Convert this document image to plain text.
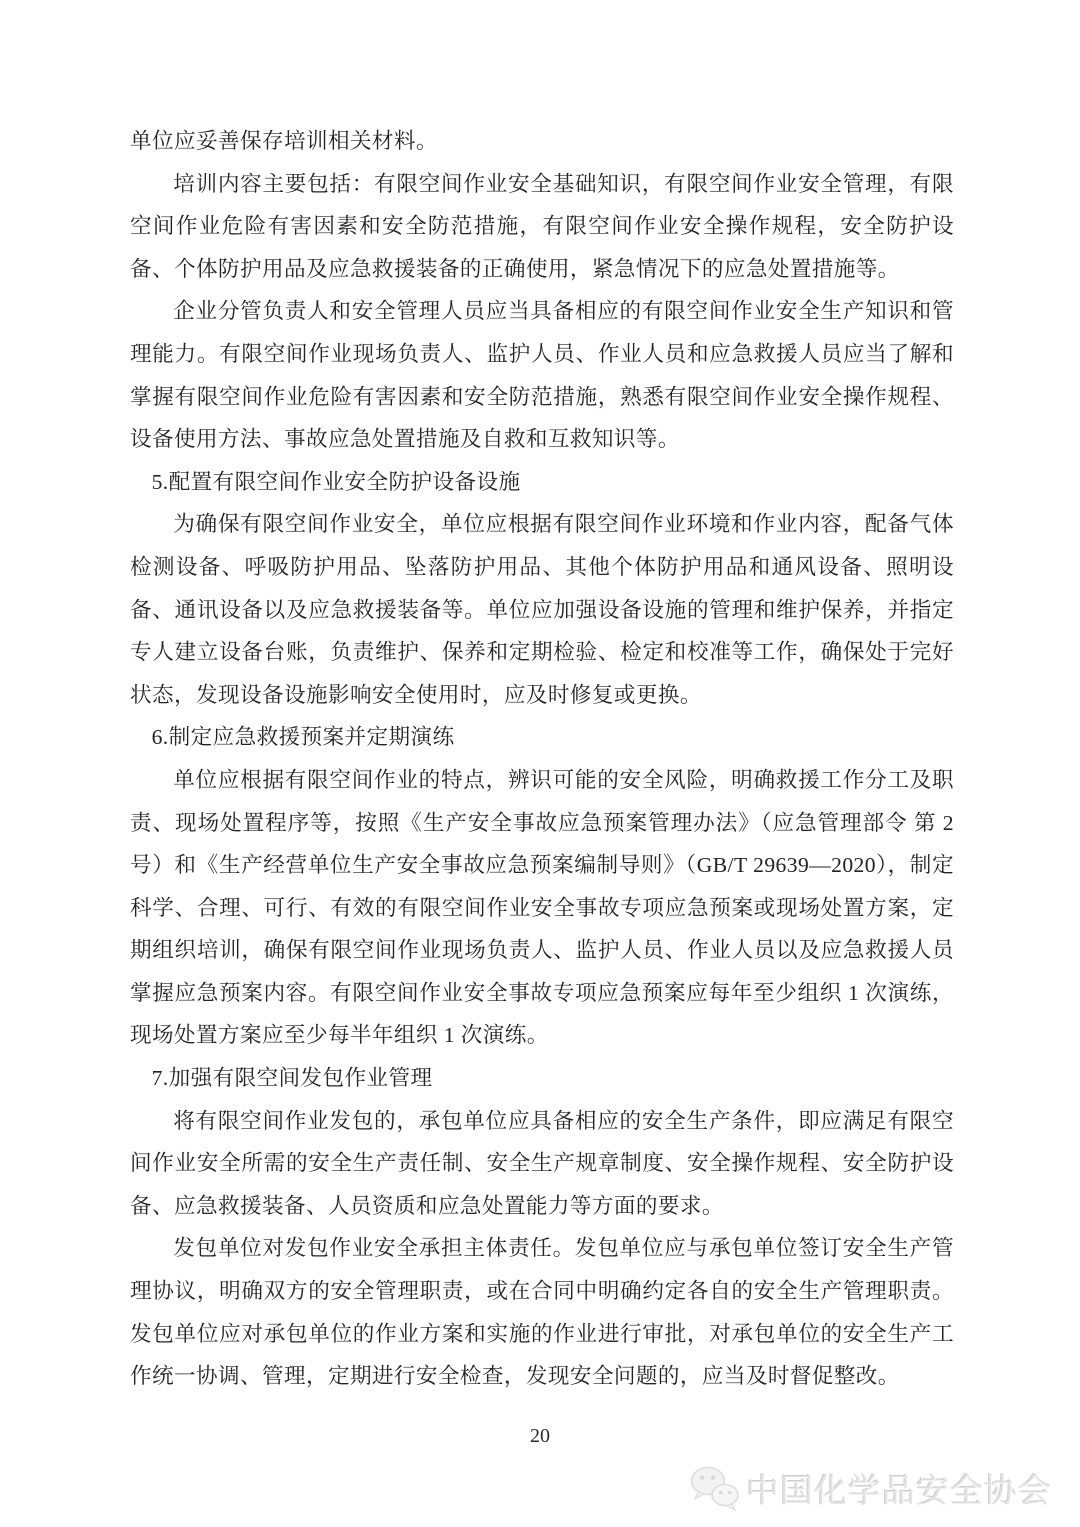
单位应妥善保存培训相关材料。

培训内容主要包括：有限空间作业安全基础知识，有限空间作业安全管理，有限空间作业危险有害因素和安全防范措施，有限空间作业安全操作规程，安全防护设备、个体防护用品及应急救援装备的正确使用，紧急情况下的应急处置措施等。

企业分管负责人和安全管理人员应当具备相应的有限空间作业安全生产知识和管理能力。有限空间作业现场负责人、监护人员、作业人员和应急救援人员应当了解和掌握有限空间作业危险有害因素和安全防范措施，熟悉有限空间作业安全操作规程、设备使用方法、事故应急处置措施及自救和互救知识等。

5.配置有限空间作业安全防护设备设施

为确保有限空间作业安全，单位应根据有限空间作业环境和作业内容，配备气体检测设备、呼吸防护用品、坠落防护用品、其他个体防护用品和通风设备、照明设备、通讯设备以及应急救援装备等。单位应加强设备设施的管理和维护保养，并指定专人建立设备台账，负责维护、保养和定期检验、检定和校准等工作，确保处于完好状态，发现设备设施影响安全使用时，应及时修复或更换。

6.制定应急救援预案并定期演练

单位应根据有限空间作业的特点，辨识可能的安全风险，明确救援工作分工及职责、现场处置程序等，按照《生产安全事故应急预案管理办法》（应急管理部令 第 2 号）和《生产经营单位生产安全事故应急预案编制导则》（GB/T 29639—2020），制定科学、合理、可行、有效的有限空间作业安全事故专项应急预案或现场处置方案，定期组织培训，确保有限空间作业现场负责人、监护人员、作业人员以及应急救援人员掌握应急预案内容。有限空间作业安全事故专项应急预案应每年至少组织 1 次演练，现场处置方案应至少每半年组织 1 次演练。

7.加强有限空间发包作业管理

将有限空间作业发包的，承包单位应具备相应的安全生产条件，即应满足有限空间作业安全所需的安全生产责任制、安全生产规章制度、安全操作规程、安全防护设备、应急救援装备、人员资质和应急处置能力等方面的要求。

发包单位对发包作业安全承担主体责任。发包单位应与承包单位签订安全生产管理协议，明确双方的安全管理职责，或在合同中明确约定各自的安全生产管理职责。发包单位应对承包单位的作业方案和实施的作业进行审批，对承包单位的安全生产工作统一协调、管理，定期进行安全检查，发现安全问题的，应当及时督促整改。

20
中国化学品安全协会
